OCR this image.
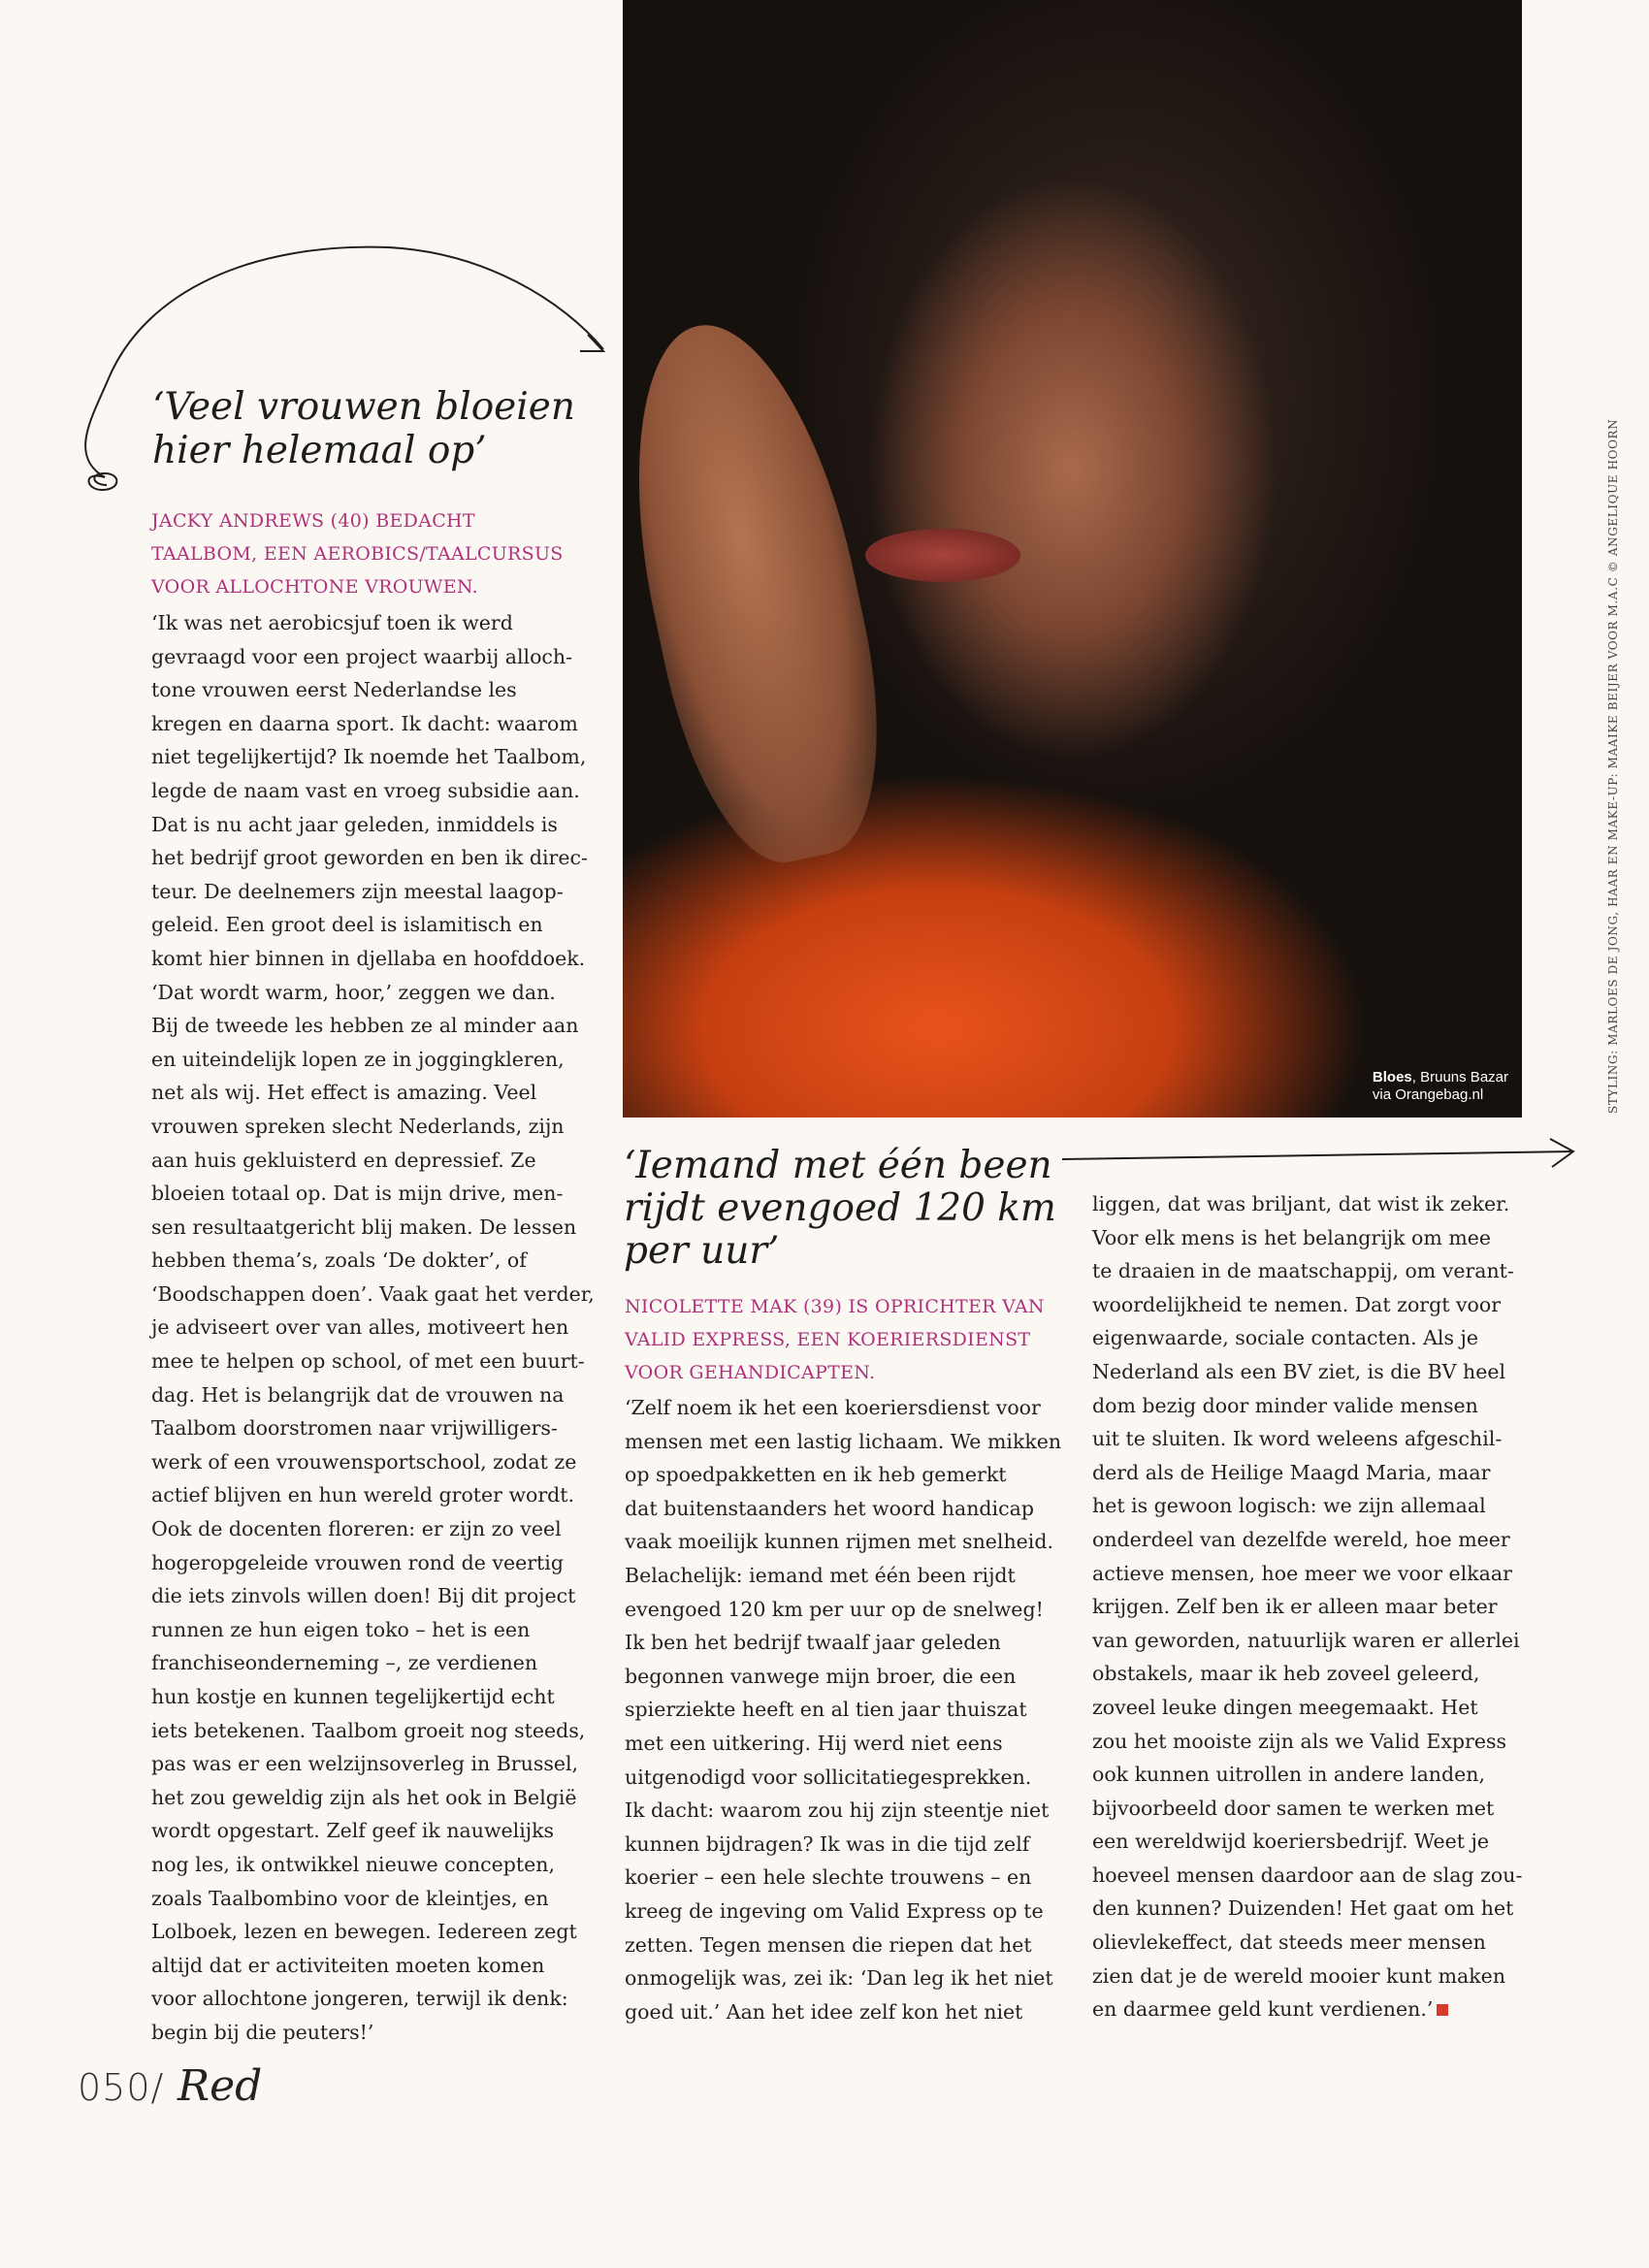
Bloes, Bruuns Bazar
via Orangebag.nl
‘Veel vrouwen bloeien
hier helemaal op’

JACKY ANDREWS (40) BEDACHT
TAALBOM, EEN AEROBICS/TAALCURSUS
VOOR ALLOCHTONE VROUWEN.

‘Ik was net aerobicsjuf toen ik werd
gevraagd voor een project waarbij alloch-
tone vrouwen eerst Nederlandse les
kregen en daarna sport. Ik dacht: waarom
niet tegelijkertijd? Ik noemde het Taalbom,
legde de naam vast en vroeg subsidie aan.
Dat is nu acht jaar geleden, inmiddels is
het bedrijf groot geworden en ben ik direc-
teur. De deelnemers zijn meestal laagop-
geleid. Een groot deel is islamitisch en
komt hier binnen in djellaba en hoofddoek.
‘Dat wordt warm, hoor,’ zeggen we dan.
Bij de tweede les hebben ze al minder aan
en uiteindelijk lopen ze in joggingkleren,
net als wij. Het effect is amazing. Veel
vrouwen spreken slecht Nederlands, zijn
aan huis gekluisterd en depressief. Ze
bloeien totaal op. Dat is mijn drive, men-
sen resultaatgericht blij maken. De lessen
hebben thema’s, zoals ‘De dokter’, of
‘Boodschappen doen’. Vaak gaat het verder,
je adviseert over van alles, motiveert hen
mee te helpen op school, of met een buurt-
dag. Het is belangrijk dat de vrouwen na
Taalbom doorstromen naar vrijwilligers-
werk of een vrouwensportschool, zodat ze
actief blijven en hun wereld groter wordt.
Ook de docenten floreren: er zijn zo veel
hogeropgeleide vrouwen rond de veertig
die iets zinvols willen doen! Bij dit project
runnen ze hun eigen toko – het is een
franchiseonderneming –, ze verdienen
hun kostje en kunnen tegelijkertijd echt
iets betekenen. Taalbom groeit nog steeds,
pas was er een welzijnsoverleg in Brussel,
het zou geweldig zijn als het ook in België
wordt opgestart. Zelf geef ik nauwelijks
nog les, ik ontwikkel nieuwe concepten,
zoals Taalbombino voor de kleintjes, en
Lolboek, lezen en bewegen. Iedereen zegt
altijd dat er activiteiten moeten komen
voor allochtone jongeren, terwijl ik denk:
begin bij die peuters!’
‘Iemand met één been
rijdt evengoed 120 km
per uur’

NICOLETTE MAK (39) IS OPRICHTER VAN
VALID EXPRESS, EEN KOERIERSDIENST
VOOR GEHANDICAPTEN.

‘Zelf noem ik het een koeriersdienst voor
mensen met een lastig lichaam. We mikken
op spoedpakketten en ik heb gemerkt
dat buitenstaanders het woord handicap
vaak moeilijk kunnen rijmen met snelheid.
Belachelijk: iemand met één been rijdt
evengoed 120 km per uur op de snelweg!
Ik ben het bedrijf twaalf jaar geleden
begonnen vanwege mijn broer, die een
spierziekte heeft en al tien jaar thuiszat
met een uitkering. Hij werd niet eens
uitgenodigd voor sollicitatiegesprekken.
Ik dacht: waarom zou hij zijn steentje niet
kunnen bijdragen? Ik was in die tijd zelf
koerier – een hele slechte trouwens – en
kreeg de ingeving om Valid Express op te
zetten. Tegen mensen die riepen dat het
onmogelijk was, zei ik: ‘Dan leg ik het niet
goed uit.’ Aan het idee zelf kon het niet
liggen, dat was briljant, dat wist ik zeker.
Voor elk mens is het belangrijk om mee
te draaien in de maatschappij, om verant-
woordelijkheid te nemen. Dat zorgt voor
eigenwaarde, sociale contacten. Als je
Nederland als een BV ziet, is die BV heel
dom bezig door minder valide mensen
uit te sluiten. Ik word weleens afgeschil-
derd als de Heilige Maagd Maria, maar
het is gewoon logisch: we zijn allemaal
onderdeel van dezelfde wereld, hoe meer
actieve mensen, hoe meer we voor elkaar
krijgen. Zelf ben ik er alleen maar beter
van geworden, natuurlijk waren er allerlei
obstakels, maar ik heb zoveel geleerd,
zoveel leuke dingen meegemaakt. Het
zou het mooiste zijn als we Valid Express
ook kunnen uitrollen in andere landen,
bijvoorbeeld door samen te werken met
een wereldwijd koeriersbedrijf. Weet je
hoeveel mensen daardoor aan de slag zou-
den kunnen? Duizenden! Het gaat om het
olievlekeffect, dat steeds meer mensen
zien dat je de wereld mooier kunt maken
en daarmee geld kunt verdienen.’
STYLING: MARLOES DE JONG, HAAR EN MAKE-UP: MAAIKE BEIJER VOOR M.A.C © ANGELIQUE HOORN
050/ Red
